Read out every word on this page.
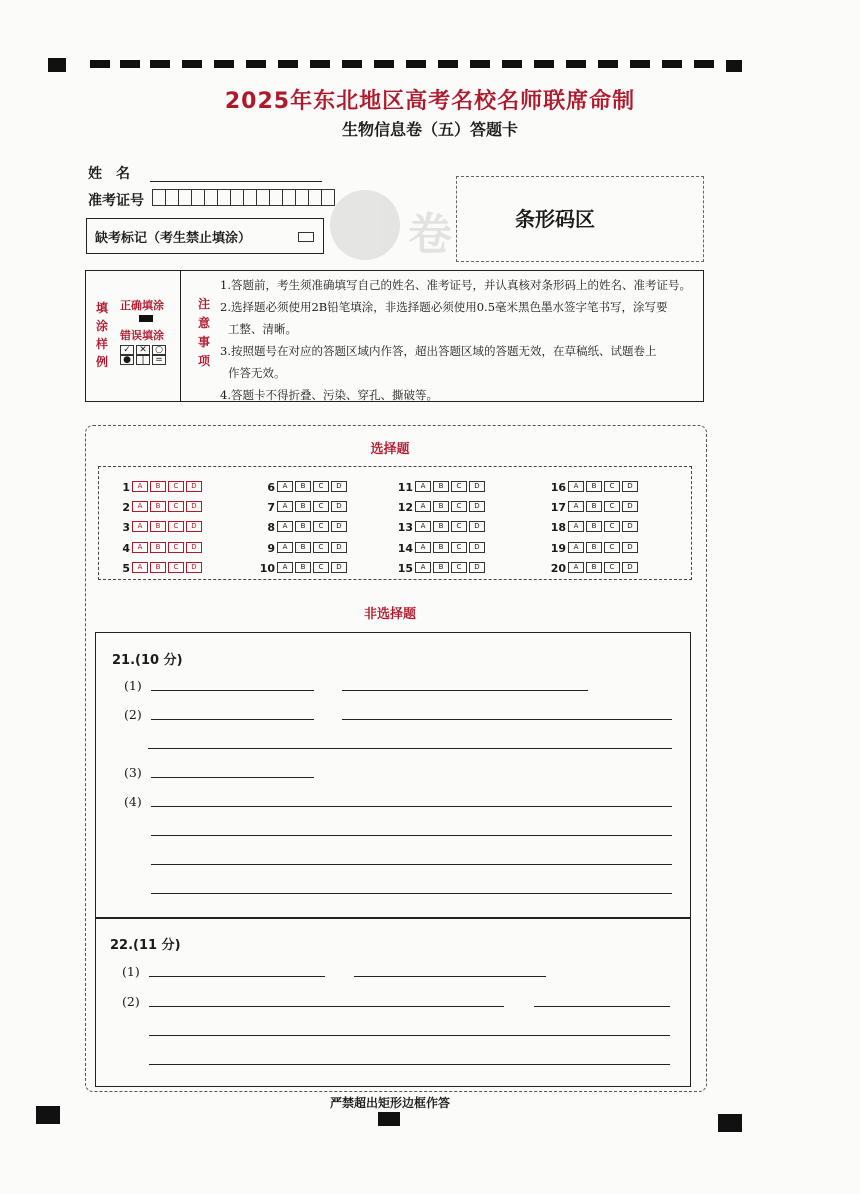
2025年东北地区高考名校名师联席命制
生物信息卷（五）答题卡
姓　名
准考证号
缺考标记（考生禁止填涂）
条形码区
卷
填涂样例
正确填涂
错误填涂
✓ ✕ ○
● | =
注意事项
1.答题前，考生须准确填写自己的姓名、准考证号，并认真核对条形码上的姓名、准考证号。
2.选择题必须使用2B铅笔填涂，非选择题必须使用0.5毫米黑色墨水签字笔书写，涂写要
工整、清晰。
3.按照题号在对应的答题区域内作答，超出答题区域的答题无效，在草稿纸、试题卷上
作答无效。
4.答题卡不得折叠、污染、穿孔、撕破等。
选择题
1 A B C D
2 A B C D
3 A B C D
4 A B C D
5 A B C D
6 A B C D
7 A B C D
8 A B C D
9 A B C D
10 A B C D
11 A B C D
12 A B C D
13 A B C D
14 A B C D
15 A B C D
16 A B C D
17 A B C D
18 A B C D
19 A B C D
20 A B C D
非选择题
21.(10 分)
(1)
(2)
(3)
(4)
22.(11 分)
(1)
(2)
严禁超出矩形边框作答
